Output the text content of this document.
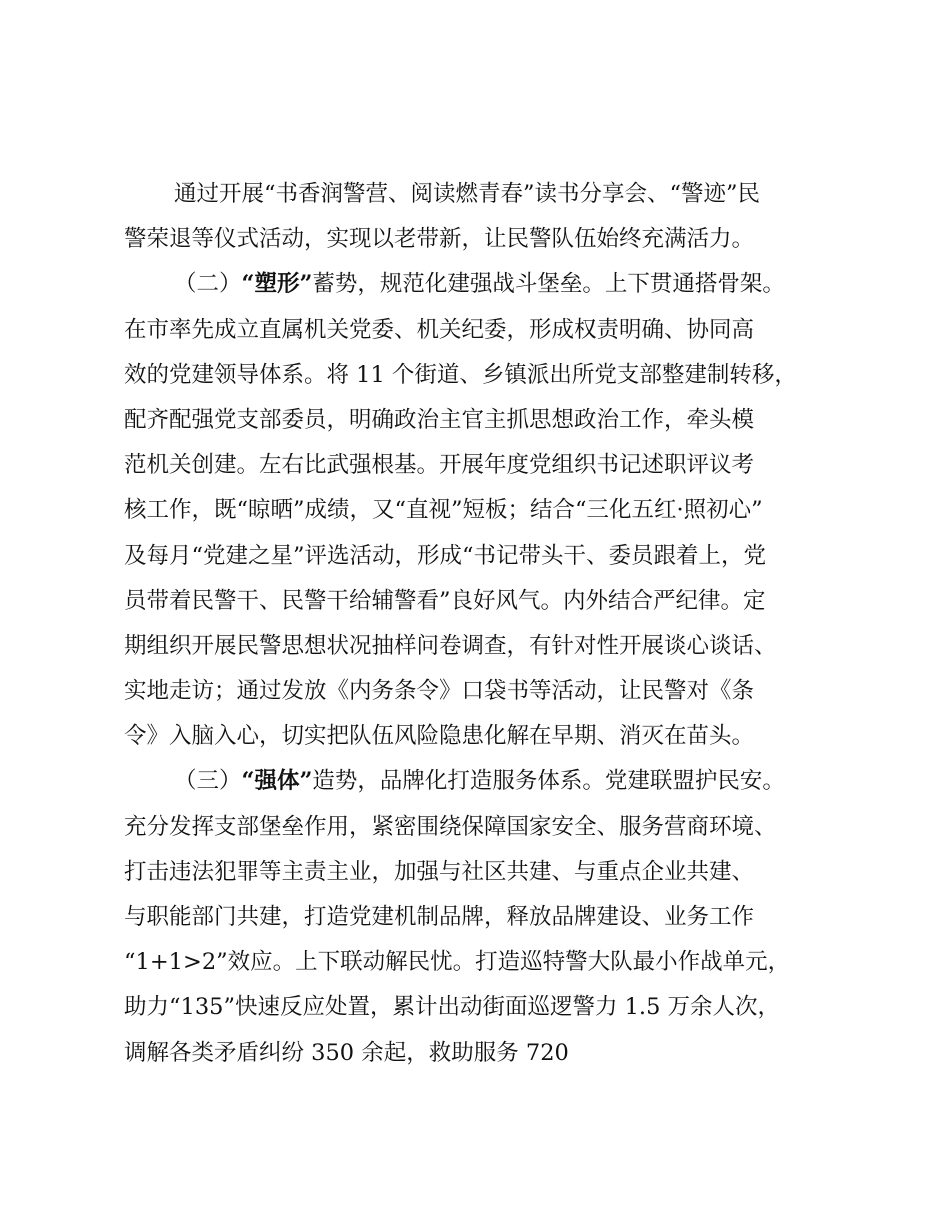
通过开展“书香润警营、阅读燃青春”读书分享会、“警迹”民
警荣退等仪式活动，实现以老带新，让民警队伍始终充满活力。
（二）“塑形”蓄势，规范化建强战斗堡垒。上下贯通搭骨架。
在市率先成立直属机关党委、机关纪委，形成权责明确、协同高
效的党建领导体系。将 11 个街道、乡镇派出所党支部整建制转移，
配齐配强党支部委员，明确政治主官主抓思想政治工作，牵头模
范机关创建。左右比武强根基。开展年度党组织书记述职评议考
核工作，既“晾晒”成绩，又“直视”短板；结合“三化五红·照初心”
及每月“党建之星”评选活动，形成“书记带头干、委员跟着上，党
员带着民警干、民警干给辅警看”良好风气。内外结合严纪律。定
期组织开展民警思想状况抽样问卷调查，有针对性开展谈心谈话、
实地走访；通过发放《内务条令》口袋书等活动，让民警对《条
令》入脑入心，切实把队伍风险隐患化解在早期、消灭在苗头。
（三）“强体”造势，品牌化打造服务体系。党建联盟护民安。
充分发挥支部堡垒作用，紧密围绕保障国家安全、服务营商环境、
打击违法犯罪等主责主业，加强与社区共建、与重点企业共建、
与职能部门共建，打造党建机制品牌，释放品牌建设、业务工作
“1+1>2”效应。上下联动解民忧。打造巡特警大队最小作战单元，
助力“135”快速反应处置，累计出动街面巡逻警力 1.5 万余人次，
调解各类矛盾纠纷 350 余起，救助服务 720
